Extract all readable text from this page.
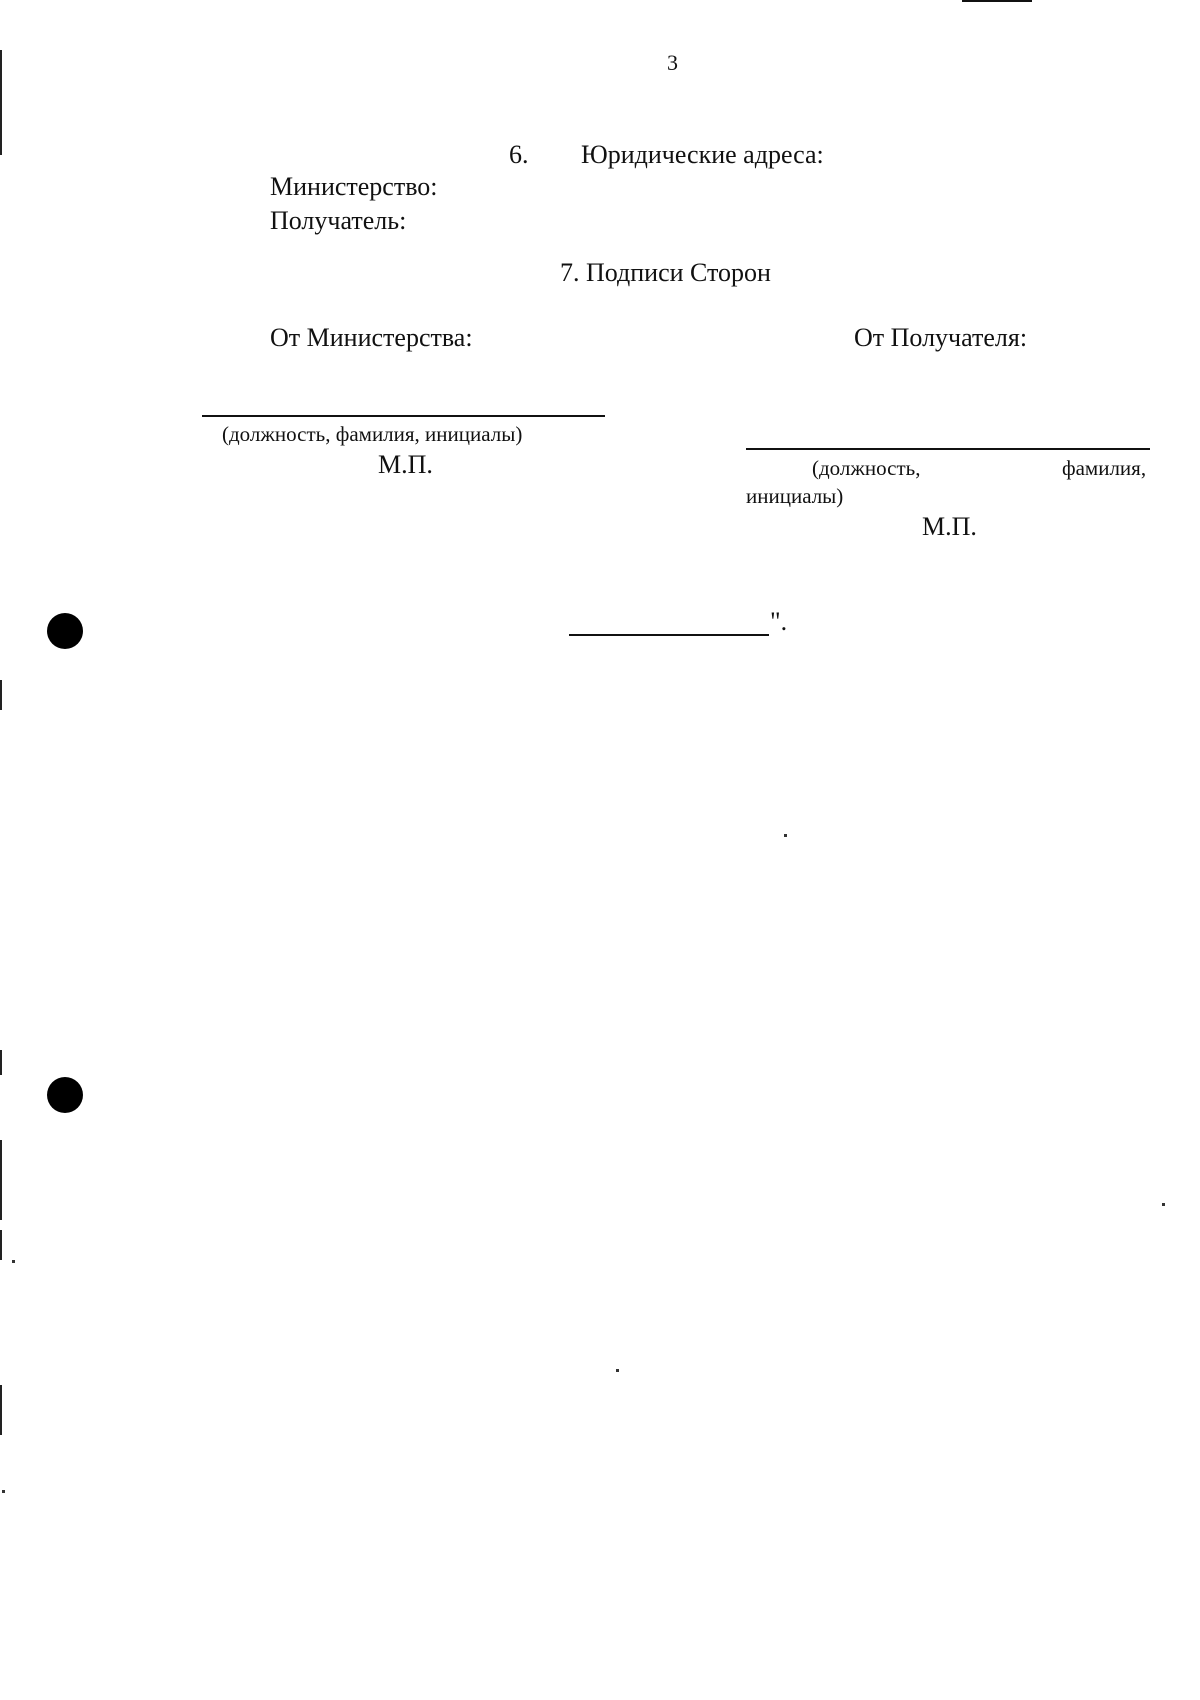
3
6. Юридические адреса:
Министерство:
Получатель:
7. Подписи Сторон
От Министерства:
(должность, фамилия, инициалы)
М.П.
От Получателя:
(должность,	фамилия,
инициалы)
М.П.
".
